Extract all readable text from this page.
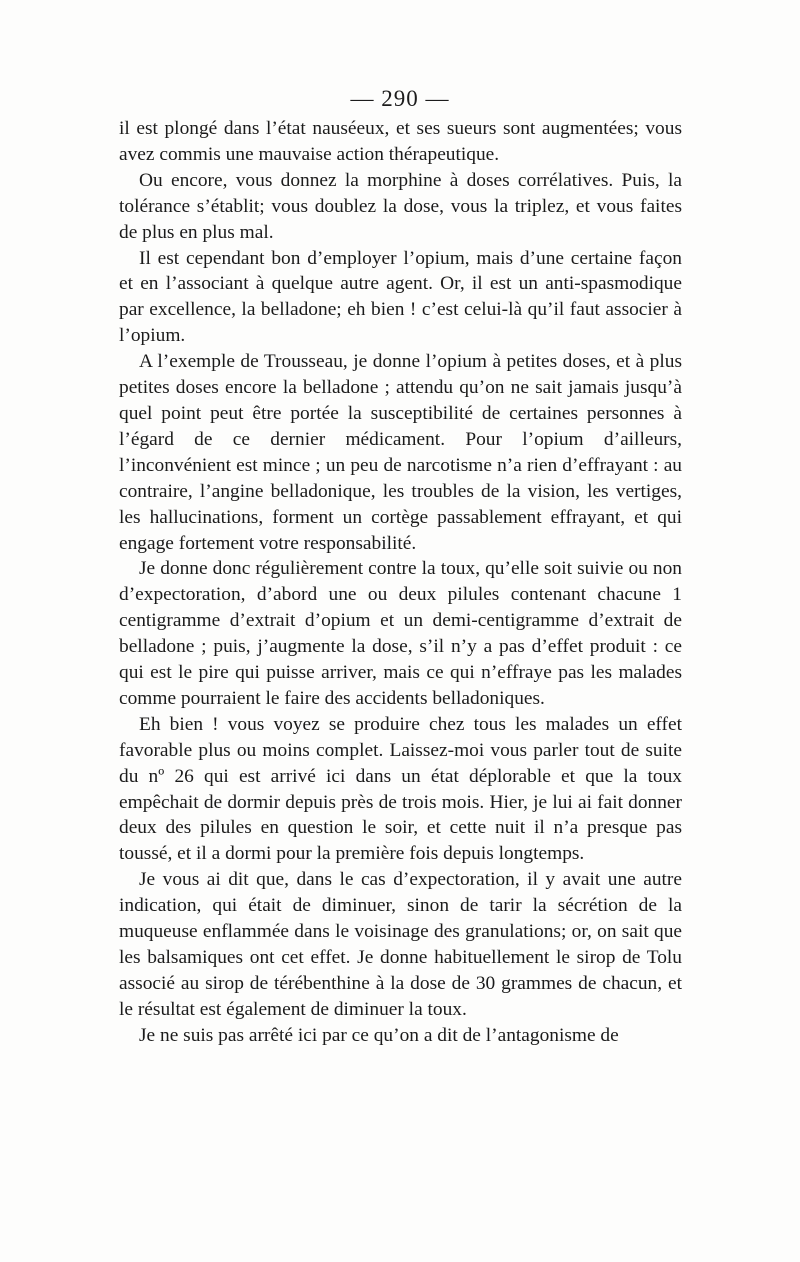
— 290 —

il est plongé dans l’état nauséeux, et ses sueurs sont augmentées; vous avez commis une mauvaise action thérapeutique.

Ou encore, vous donnez la morphine à doses corrélatives. Puis, la tolérance s’établit; vous doublez la dose, vous la triplez, et vous faites de plus en plus mal.

Il est cependant bon d’employer l’opium, mais d’une certaine façon et en l’associant à quelque autre agent. Or, il est un anti-spasmodique par excellence, la belladone; eh bien ! c’est celui-là qu’il faut associer à l’opium.

A l’exemple de Trousseau, je donne l’opium à petites doses, et à plus petites doses encore la belladone ; attendu qu’on ne sait jamais jusqu’à quel point peut être portée la susceptibilité de certaines personnes à l’égard de ce dernier médicament. Pour l’opium d’ailleurs, l’inconvénient est mince ; un peu de narcotisme n’a rien d’effrayant : au contraire, l’angine belladonique, les troubles de la vision, les vertiges, les hallucinations, forment un cortège passablement effrayant, et qui engage fortement votre responsabilité.

Je donne donc régulièrement contre la toux, qu’elle soit suivie ou non d’expectoration, d’abord une ou deux pilules contenant chacune 1 centigramme d’extrait d’opium et un demi-centigramme d’extrait de belladone ; puis, j’augmente la dose, s’il n’y a pas d’effet produit : ce qui est le pire qui puisse arriver, mais ce qui n’effraye pas les malades comme pourraient le faire des accidents belladoniques.

Eh bien ! vous voyez se produire chez tous les malades un effet favorable plus ou moins complet. Laissez-moi vous parler tout de suite du nº 26 qui est arrivé ici dans un état déplorable et que la toux empêchait de dormir depuis près de trois mois. Hier, je lui ai fait donner deux des pilules en question le soir, et cette nuit il n’a presque pas toussé, et il a dormi pour la première fois depuis longtemps.

Je vous ai dit que, dans le cas d’expectoration, il y avait une autre indication, qui était de diminuer, sinon de tarir la sécrétion de la muqueuse enflammée dans le voisinage des granulations; or, on sait que les balsamiques ont cet effet. Je donne habituellement le sirop de Tolu associé au sirop de térébenthine à la dose de 30 grammes de chacun, et le résultat est également de diminuer la toux.

Je ne suis pas arrêté ici par ce qu’on a dit de l’antagonisme de
